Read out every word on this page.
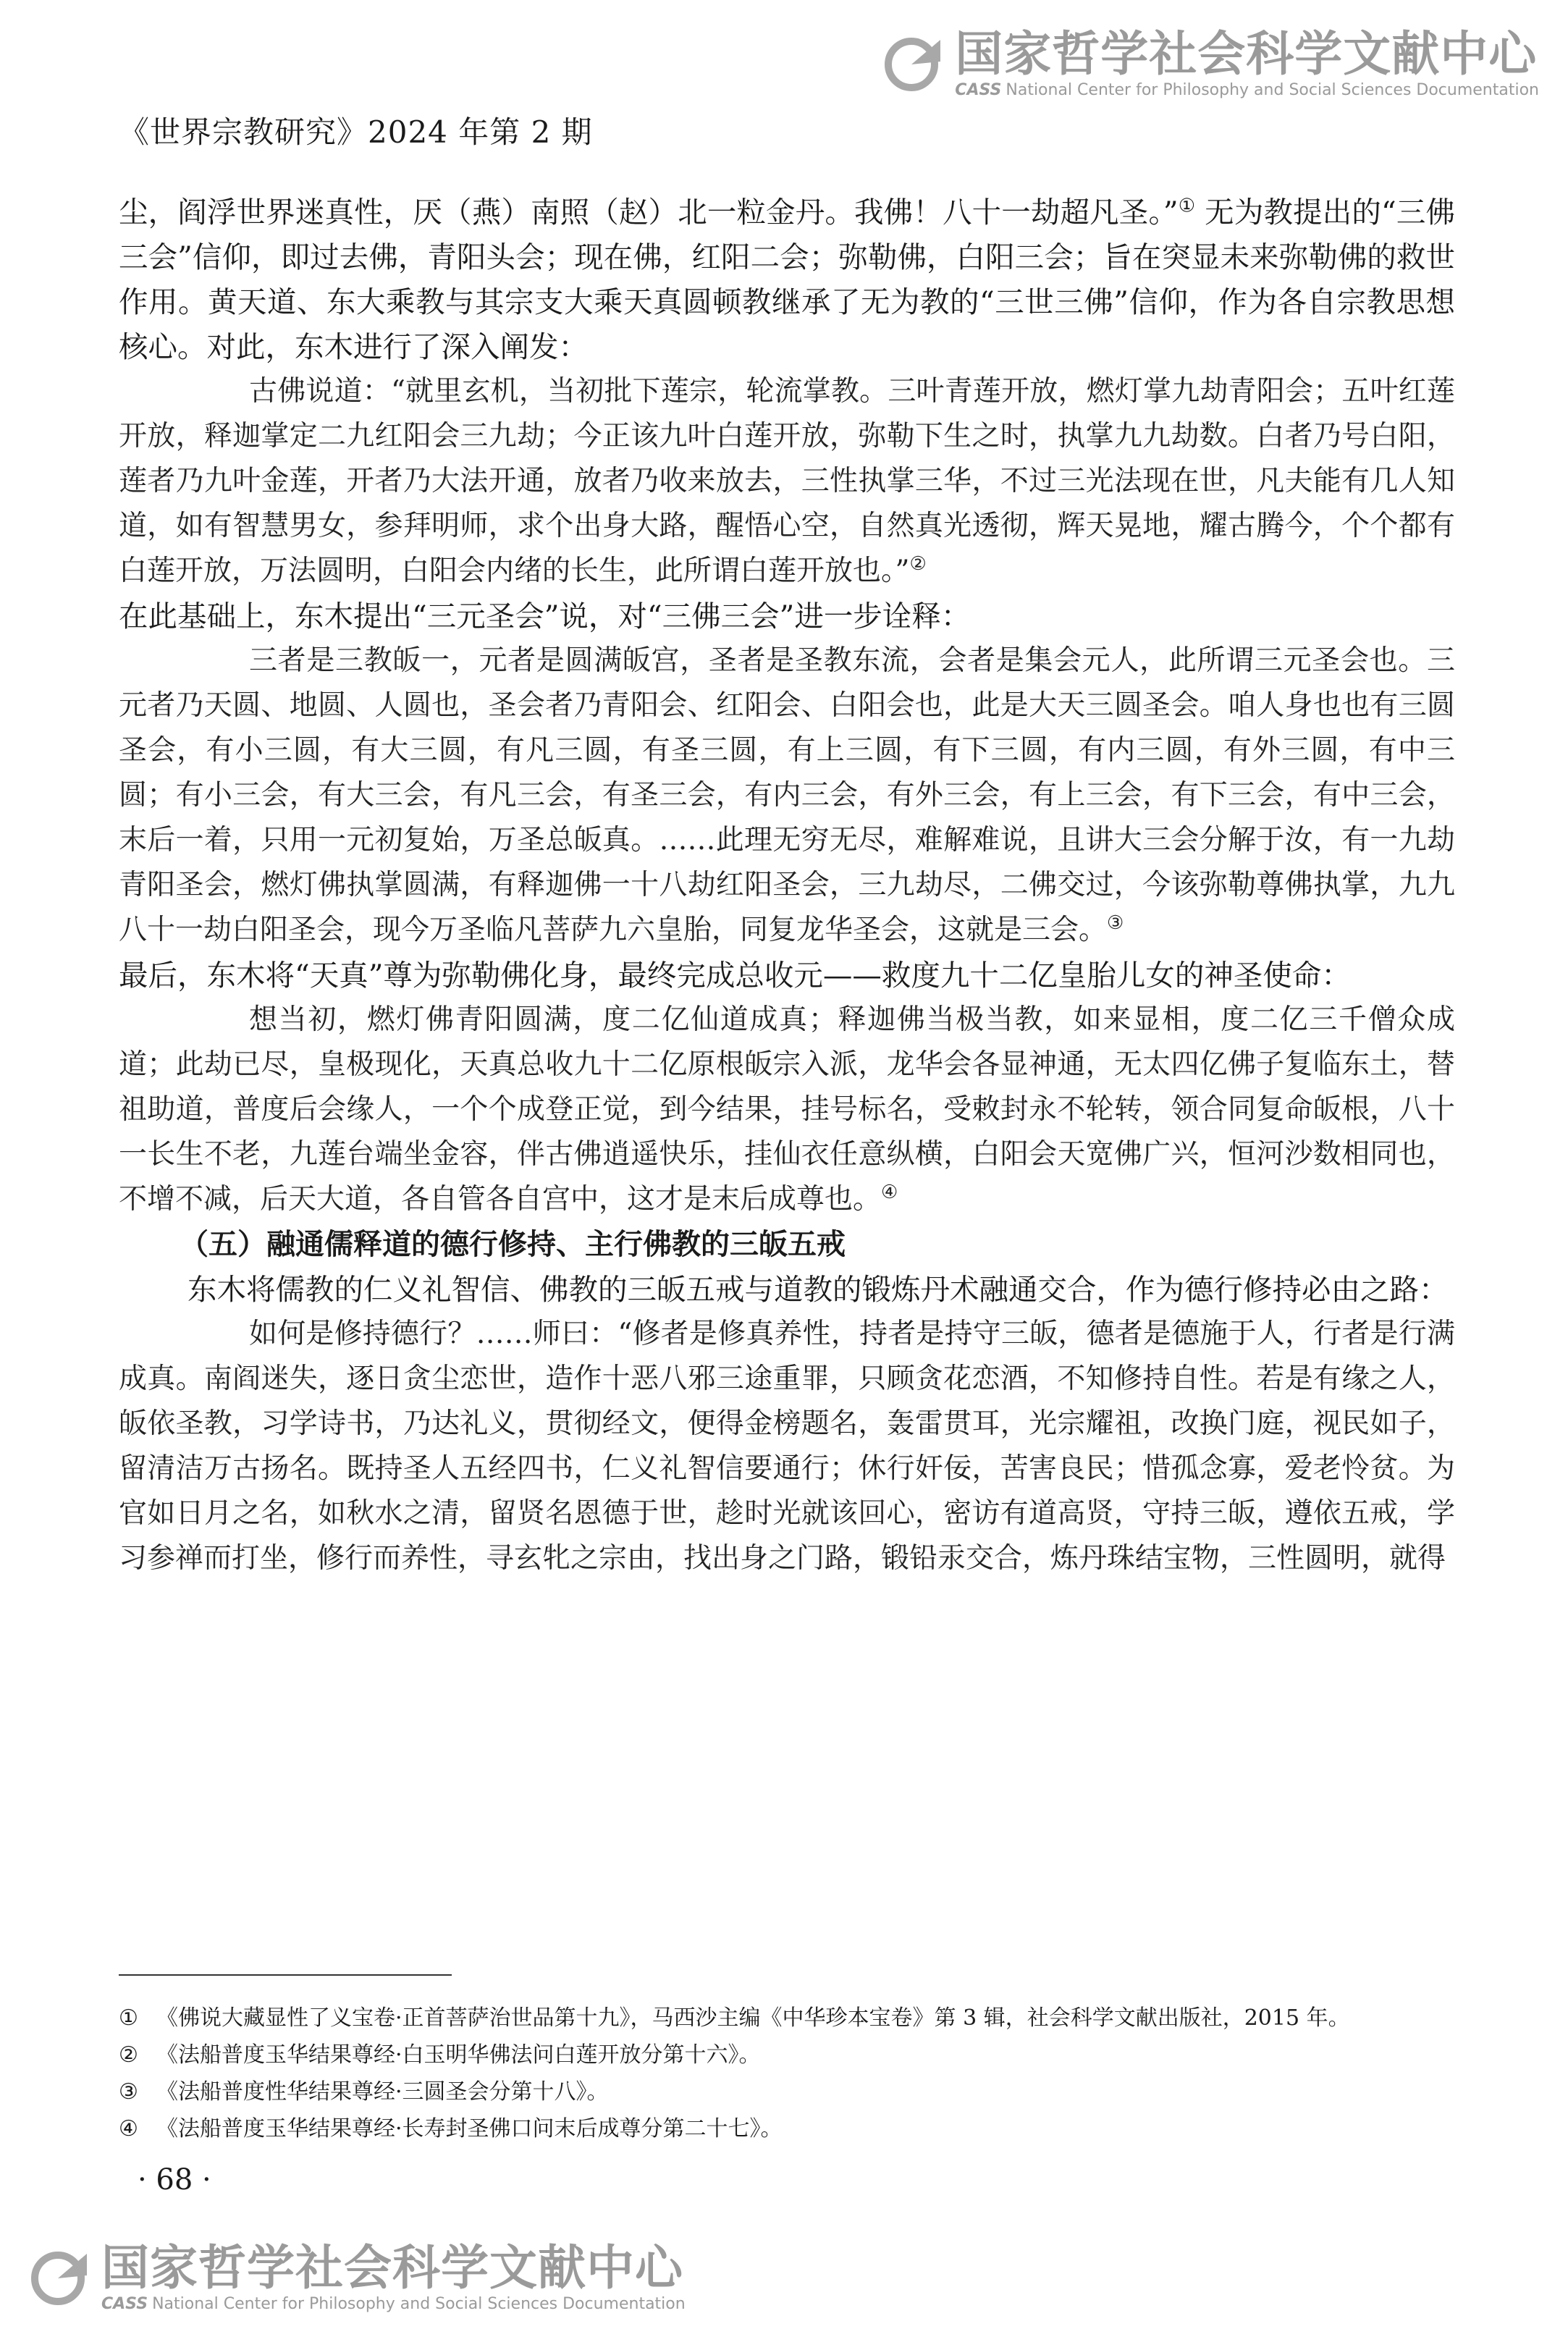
国家哲学社会科学文献中心
CASS National Center for Philosophy and Social Sciences Documentation
《世界宗教研究》2024 年第 2 期

尘，阎浮世界迷真性，厌（燕）南照（赵）北一粒金丹。我佛！八十一劫超凡圣。”① 无为教提出的“三佛三会”信仰，即过去佛，青阳头会；现在佛，红阳二会；弥勒佛，白阳三会；旨在突显未来弥勒佛的救世作用。黄天道、东大乘教与其宗支大乘天真圆顿教继承了无为教的“三世三佛”信仰，作为各自宗教思想核心。对此，东木进行了深入阐发：

古佛说道：“就里玄机，当初批下莲宗，轮流掌教。三叶青莲开放，燃灯掌九劫青阳会；五叶红莲开放，释迦掌定二九红阳会三九劫；今正该九叶白莲开放，弥勒下生之时，执掌九九劫数。白者乃号白阳，莲者乃九叶金莲，开者乃大法开通，放者乃收来放去，三性执掌三华，不过三光法现在世，凡夫能有几人知道，如有智慧男女，参拜明师，求个出身大路，醒悟心空，自然真光透彻，辉天晃地，耀古腾今，个个都有白莲开放，万法圆明，白阳会内绪的长生，此所谓白莲开放也。”②

在此基础上，东木提出“三元圣会”说，对“三佛三会”进一步诠释：

三者是三教皈一，元者是圆满皈宫，圣者是圣教东流，会者是集会元人，此所谓三元圣会也。三元者乃天圆、地圆、人圆也，圣会者乃青阳会、红阳会、白阳会也，此是大天三圆圣会。咱人身也也有三圆圣会，有小三圆，有大三圆，有凡三圆，有圣三圆，有上三圆，有下三圆，有内三圆，有外三圆，有中三圆；有小三会，有大三会，有凡三会，有圣三会，有内三会，有外三会，有上三会，有下三会，有中三会，末后一着，只用一元初复始，万圣总皈真。……此理无穷无尽，难解难说，且讲大三会分解于汝，有一九劫青阳圣会，燃灯佛执掌圆满，有释迦佛一十八劫红阳圣会，三九劫尽，二佛交过，今该弥勒尊佛执掌，九九八十一劫白阳圣会，现今万圣临凡菩萨九六皇胎，同复龙华圣会，这就是三会。③

最后，东木将“天真”尊为弥勒佛化身，最终完成总收元——救度九十二亿皇胎儿女的神圣使命：

想当初，燃灯佛青阳圆满，度二亿仙道成真；释迦佛当极当教，如来显相，度二亿三千僧众成道；此劫已尽，皇极现化，天真总收九十二亿原根皈宗入派，龙华会各显神通，无太四亿佛子复临东土，替祖助道，普度后会缘人，一个个成登正觉，到今结果，挂号标名，受敕封永不轮转，领合同复命皈根，八十一长生不老，九莲台端坐金容，伴古佛逍遥快乐，挂仙衣任意纵横，白阳会天宽佛广兴，恒河沙数相同也，不增不减，后天大道，各自管各自宫中，这才是末后成尊也。④

（五）融通儒释道的德行修持、主行佛教的三皈五戒

东木将儒教的仁义礼智信、佛教的三皈五戒与道教的锻炼丹术融通交合，作为德行修持必由之路：

如何是修持德行？……师曰：“修者是修真养性，持者是持守三皈，德者是德施于人，行者是行满成真。南阎迷失，逐日贪尘恋世，造作十恶八邪三途重罪，只顾贪花恋酒，不知修持自性。若是有缘之人，皈依圣教，习学诗书，乃达礼义，贯彻经文，便得金榜题名，轰雷贯耳，光宗耀祖，改换门庭，视民如子，留清洁万古扬名。既持圣人五经四书，仁义礼智信要通行；休行奸佞，苦害良民；惜孤念寡，爱老怜贫。为官如日月之名，如秋水之清，留贤名恩德于世，趁时光就该回心，密访有道高贤，守持三皈，遵依五戒，学习参禅而打坐，修行而养性，寻玄牝之宗由，找出身之门路，锻铅汞交合，炼丹珠结宝物，三性圆明，就得

① 《佛说大藏显性了义宝卷·正首菩萨治世品第十九》，马西沙主编《中华珍本宝卷》第 3 辑，社会科学文献出版社，2015 年。

② 《法船普度玉华结果尊经·白玉明华佛法问白莲开放分第十六》。

③ 《法船普度性华结果尊经·三圆圣会分第十八》。

④ 《法船普度玉华结果尊经·长寿封圣佛口问末后成尊分第二十七》。

· 68 ·
国家哲学社会科学文献中心
CASS National Center for Philosophy and Social Sciences Documentation
